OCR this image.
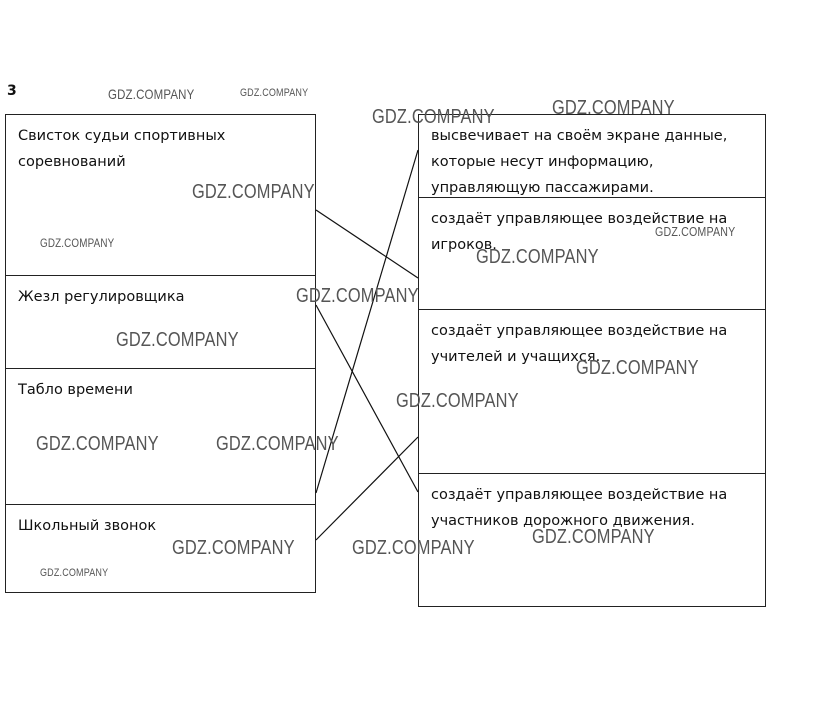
3
Свисток судьи спортивных соревнований
Жезл регулировщика
Табло времени
Школьный звонок
высвечивает на своём экране данные, которые несут информацию, управляющую пассажирами.
создаёт управляющее воздействие на игроков.
создаёт управляющее воздействие на учителей и учащихся.
создаёт управляющее воздействие на участников дорожного движения.
GDZ.COMPANY	GDZ.COMPANY
GDZ.COMPANY	GDZ.COMPANY
GDZ.COMPANY
GDZ.COMPANY
GDZ.COMPANY
GDZ.COMPANY
GDZ.COMPANY
GDZ.COMPANY
GDZ.COMPANY
GDZ.COMPANY
GDZ.COMPANY	GDZ.COMPANY
GDZ.COMPANY
GDZ.COMPANY	GDZ.COMPANY
GDZ.COMPANY
